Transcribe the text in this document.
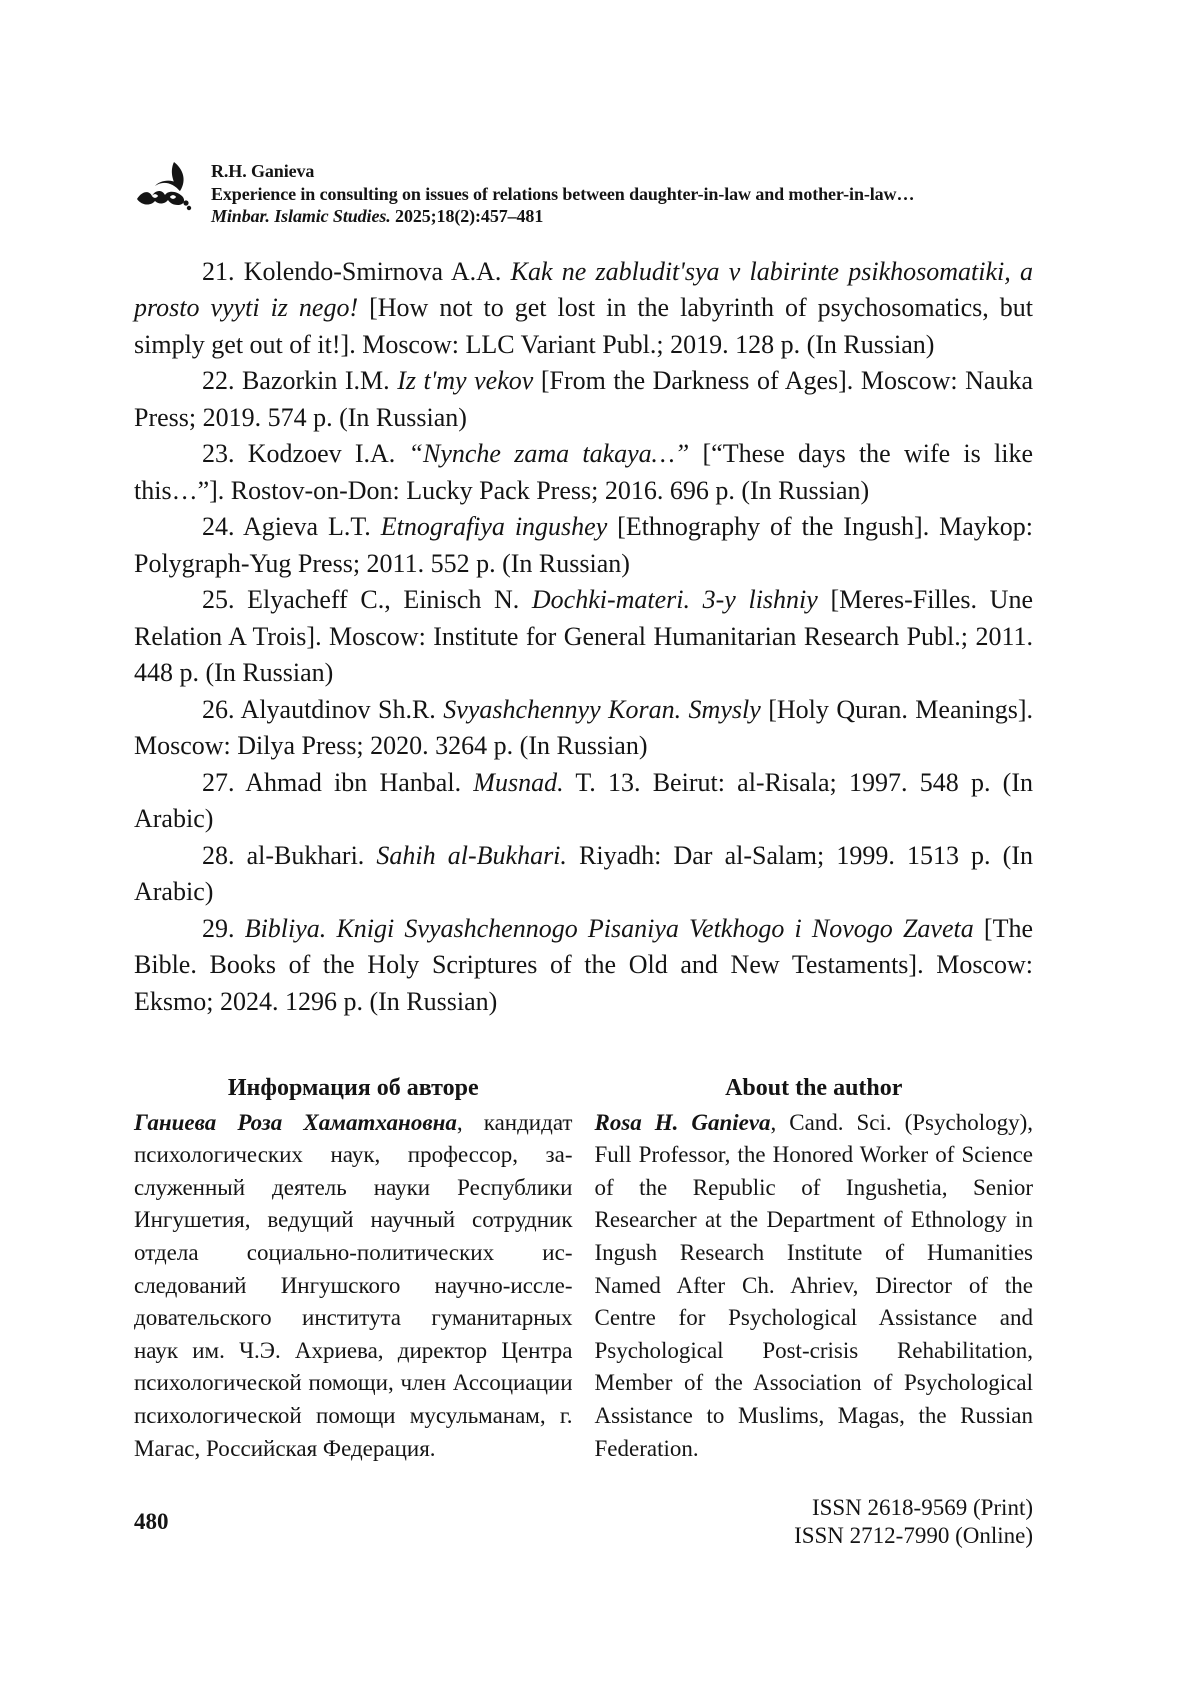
R.H. Ganieva
Experience in consulting on issues of relations between daughter-in-law and mother-in-law…
Minbar. Islamic Studies. 2025;18(2):457–481

21. Kolendo-Smirnova A.A. Kak ne zabludit'sya v labirinte psikhosomatiki, a prosto vyyti iz nego! [How not to get lost in the labyrinth of psychosomatics, but simply get out of it!]. Moscow: LLC Variant Publ.; 2019. 128 p. (In Russian)

22. Bazorkin I.M. Iz t'my vekov [From the Darkness of Ages]. Moscow: Nauka Press; 2019. 574 p. (In Russian)

23. Kodzoev I.A. “Nynche zama takaya…” [“These days the wife is like this…”]. Rostov-on-Don: Lucky Pack Press; 2016. 696 p. (In Russian)

24. Agieva L.T. Etnografiya ingushey [Ethnography of the Ingush]. Maykop: Polygraph-Yug Press; 2011. 552 p. (In Russian)

25. Elyacheff C., Einisch N. Dochki-materi. 3-y lishniy [Meres-Filles. Une Relation A Trois]. Moscow: Institute for General Humanitarian Research Publ.; 2011. 448 p. (In Russian)

26. Alyautdinov Sh.R. Svyashchennyy Koran. Smysly [Holy Quran. Meanings]. Moscow: Dilya Press; 2020. 3264 p. (In Russian)

27. Ahmad ibn Hanbal. Musnad. T. 13. Beirut: al-Risala; 1997. 548 p. (In Arabic)

28. al-Bukhari. Sahih al-Bukhari. Riyadh: Dar al-Salam; 1999. 1513 p. (In Arabic)

29. Bibliya. Knigi Svyashchennogo Pisaniya Vetkhogo i Novogo Zaveta [The Bible. Books of the Holy Scriptures of the Old and New Testaments]. Moscow: Eksmo; 2024. 1296 p. (In Russian)

Информация об авторе

Ганиева Роза Хаматхановна, кандидат психологических наук, профессор, заслуженный деятель науки Республики Ингушетия, ведущий научный сотрудник отдела социально-политических исследований Ингушского научно-исследовательского института гуманитарных наук им. Ч.Э. Ахриева, директор Центра психологической помощи, член Ассоциации психологической помощи мусульманам, г. Магас, Российская Федерация.

About the author

Rosa H. Ganieva, Cand. Sci. (Psychology), Full Professor, the Honored Worker of Science of the Republic of Ingushetia, Senior Researcher at the Department of Ethnology in Ingush Research Institute of Humanities Named After Ch. Ahriev, Director of the Centre for Psychological Assistance and Psychological Post-crisis Rehabilitation, Member of the Association of Psychological Assistance to Muslims, Magas, the Russian Federation.

480
ISSN 2618-9569 (Print)
ISSN 2712-7990 (Online)
